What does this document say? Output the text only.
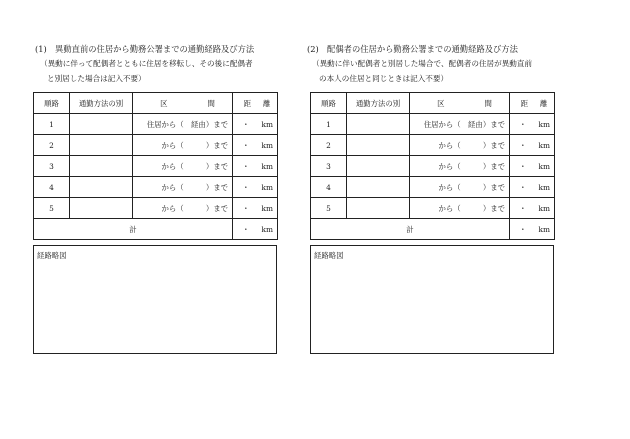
(1)　異動直前の住居から勤務公署までの通勤経路及び方法
（異動に伴って配偶者とともに住居を移転し、その後に配偶者
と別居した場合は記入不要）
順路	通勤方法の別	区 間	距 離
1		住居から（　経由）まで	・ km
2		から（　　　）まで	・ km
3		から（　　　）まで	・ km
4		から（　　　）まで	・ km
5		から（　　　）まで	・ km
計			・ km
経路略図
(2)　配偶者の住居から勤務公署までの通勤経路及び方法
（異動に伴い配偶者と別居した場合で、配偶者の住居が異動直前
の本人の住居と同じときは記入不要）
順路	通勤方法の別	区 間	距 離
1		住居から（　経由）まで	・ km
2		から（　　　）まで	・ km
3		から（　　　）まで	・ km
4		から（　　　）まで	・ km
5		から（　　　）まで	・ km
計			・ km
経路略図
